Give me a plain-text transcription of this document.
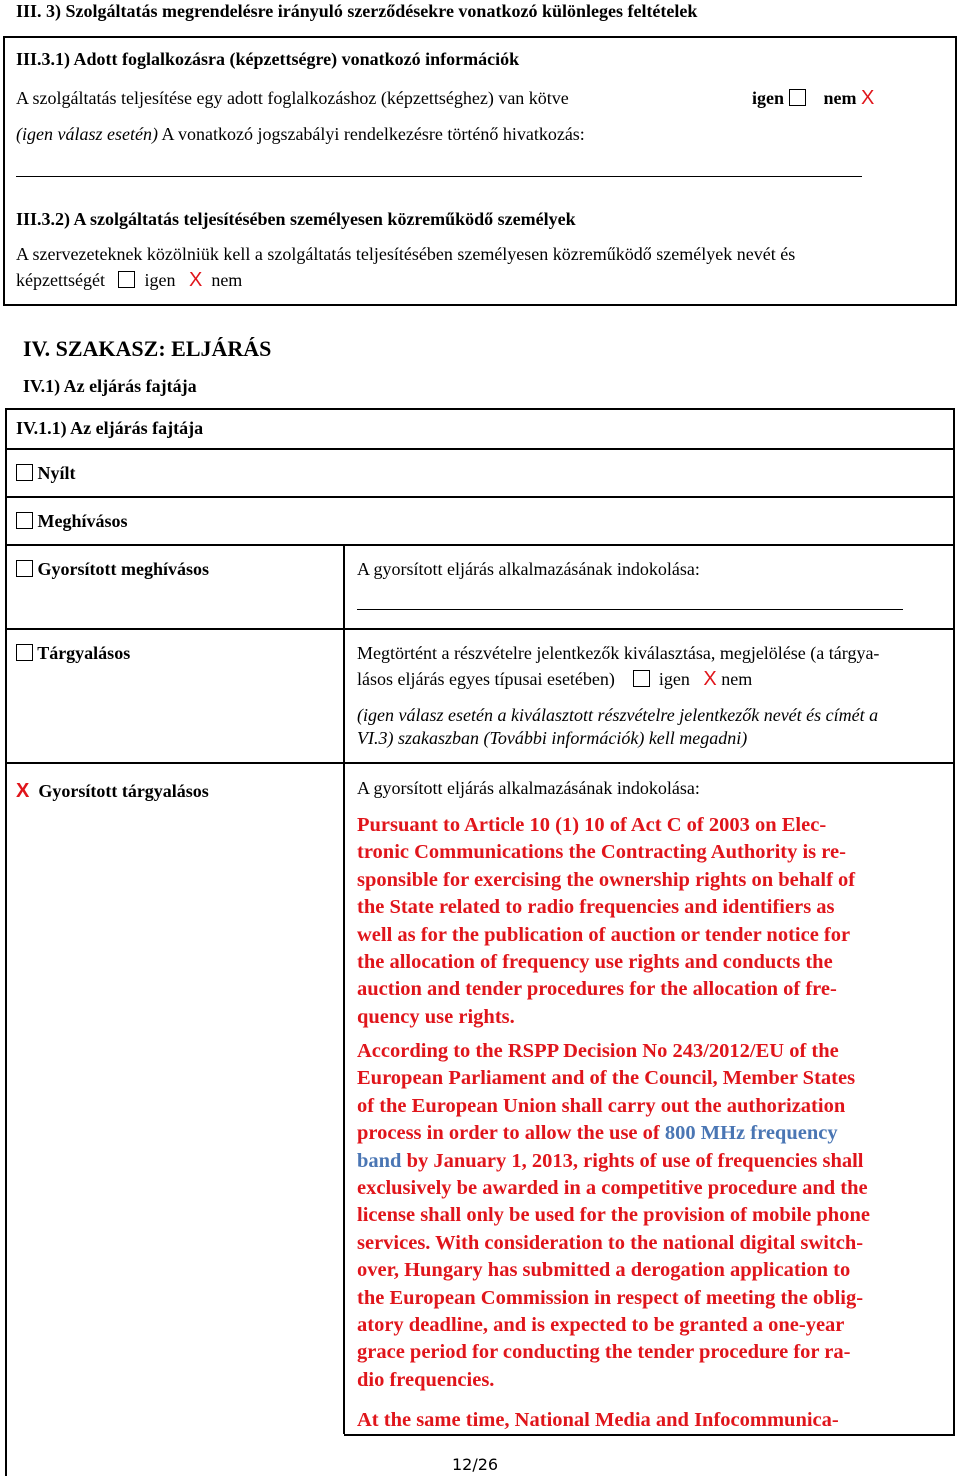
III. 3) Szolgáltatás megrendelésre irányuló szerződésekre vonatkozó különleges feltételek
III.3.1) Adott foglalkozásra (képzettségre) vonatkozó információk
A szolgáltatás teljesítése egy adott foglalkozáshoz (képzettséghez) van kötve	igen nem X
(igen válasz esetén) A vonatkozó jogszabályi rendelkezésre történő hivatkozás:
III.3.2) A szolgáltatás teljesítésében személyesen közreműködő személyek
A szervezeteknek közölniük kell a szolgáltatás teljesítésében személyesen közreműködő személyek nevét és
képzettségét igen X nem
IV. SZAKASZ: ELJÁRÁS
IV.1) Az eljárás fajtája
IV.1.1) Az eljárás fajtája
Nyílt
Meghívásos
Gyorsított meghívásos	A gyorsított eljárás alkalmazásának indokolása:
Tárgyalásos	Megtörtént a részvételre jelentkezők kiválasztása, megjelölése (a tárgya-
lásos eljárás egyes típusai esetében) igen X nem
(igen válasz esetén a kiválasztott részvételre jelentkezők nevét és címét a
VI.3) szakaszban (További információk) kell megadni)
X Gyorsított tárgyalásos	A gyorsított eljárás alkalmazásának indokolása:
Pursuant to Article 10 (1) 10 of Act C of 2003 on Elec-
tronic Communications the Contracting Authority is re-
sponsible for exercising the ownership rights on behalf of
the State related to radio frequencies and identifiers as
well as for the publication of auction or tender notice for
the allocation of frequency use rights and conducts the
auction and tender procedures for the allocation of fre-
quency use rights.
According to the RSPP Decision No 243/2012/EU of the
European Parliament and of the Council, Member States
of the European Union shall carry out the authorization
process in order to allow the use of 800 MHz frequency
band by January 1, 2013, rights of use of frequencies shall
exclusively be awarded in a competitive procedure and the
license shall only be used for the provision of mobile phone
services. With consideration to the national digital switch-
over, Hungary has submitted a derogation application to
the European Commission in respect of meeting the oblig-
atory deadline, and is expected to be granted a one-year
grace period for conducting the tender procedure for ra-
dio frequencies.
At the same time, National Media and Infocommunica-
12/26
